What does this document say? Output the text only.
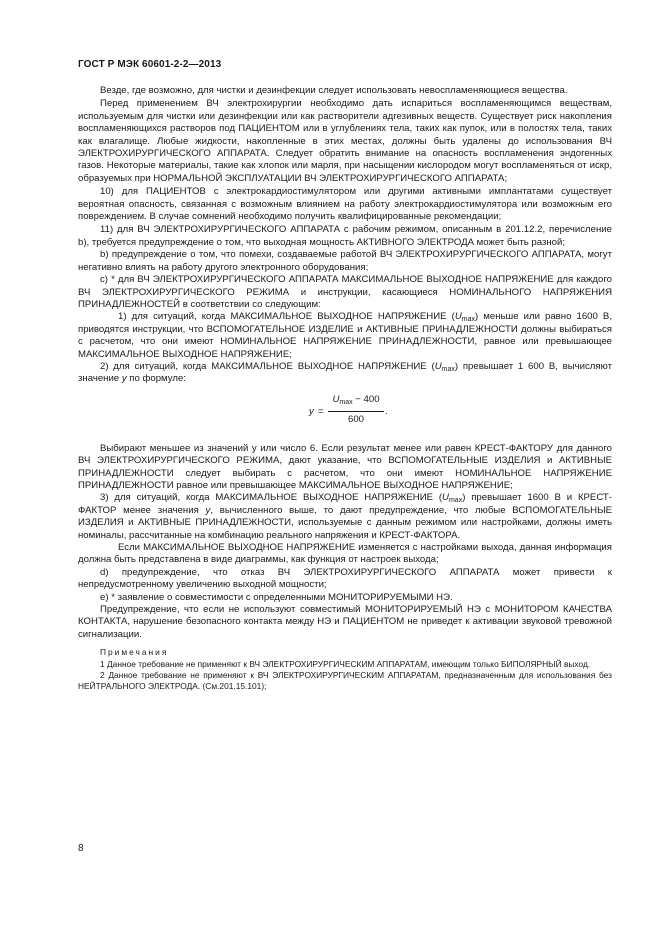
ГОСТ Р МЭК 60601-2-2—2013

Везде, где возможно, для чистки и дезинфекции следует использовать невоспламеняющиеся вещества.

Перед применением ВЧ электрохирургии необходимо дать испариться воспламеняющимся веществам, используемым для чистки или дезинфекции или как растворители адгезивных веществ. Существует риск накопления воспламеняющихся растворов под ПАЦИЕНТОМ или в углублениях тела, таких как пупок, или в полостях тела, таких как влагалище. Любые жидкости, накопленные в этих местах, должны быть удалены до использования ВЧ ЭЛЕКТРОХИРУРГИЧЕСКОГО АППАРАТА. Следует обратить внимание на опасность воспламенения эндогенных газов. Некоторые материалы, такие как хлопок или марля, при насыщении кислородом могут воспламеняться от искр, образуемых при НОРМАЛЬНОЙ ЭКСПЛУАТАЦИИ ВЧ ЭЛЕКТРОХИРУРГИЧЕСКОГО АППАРАТА;

10) для ПАЦИЕНТОВ с электрокардиостимулятором или другими активными имплантатами существует вероятная опасность, связанная с возможным влиянием на работу электрокардиостимулятора или возможным его повреждением. В случае сомнений необходимо получить квалифицированные рекомендации;

11) для ВЧ ЭЛЕКТРОХИРУРГИЧЕСКОГО АППАРАТА с рабочим режимом, описанным в 201.12.2, перечисление b), требуется предупреждение о том, что выходная мощность АКТИВНОГО ЭЛЕКТРОДА может быть разной;

b) предупреждение о том, что помехи, создаваемые работой ВЧ ЭЛЕКТРОХИРУРГИЧЕСКОГО АППАРАТА, могут негативно влиять на работу другого электронного оборудования;

c) * для ВЧ ЭЛЕКТРОХИРУРГИЧЕСКОГО АППАРАТА МАКСИМАЛЬНОЕ ВЫХОДНОЕ НАПРЯЖЕНИЕ для каждого ВЧ ЭЛЕКТРОХИРУРГИЧЕСКОГО РЕЖИМА и инструкции, касающиеся НОМИНАЛЬНОГО НАПРЯЖЕНИЯ ПРИНАДЛЕЖНОСТЕЙ в соответствии со следующим:

1) для ситуаций, когда МАКСИМАЛЬНОЕ ВЫХОДНОЕ НАПРЯЖЕНИЕ $(U_{max})$ меньше или равно 1600 В, приводятся инструкции, что ВСПОМОГАТЕЛЬНОЕ ИЗДЕЛИЕ и АКТИВНЫЕ ПРИНАДЛЕЖНОСТИ должны выбираться с расчетом, что они имеют НОМИНАЛЬНОЕ НАПРЯЖЕНИЕ ПРИНАДЛЕЖНОСТИ, равное или превышающее МАКСИМАЛЬНОЕ ВЫХОДНОЕ НАПРЯЖЕНИЕ;

2) для ситуаций, когда МАКСИМАЛЬНОЕ ВЫХОДНОЕ НАПРЯЖЕНИЕ $(U_{max})$ превышает 1 600 В, вычисляют значение y по формуле:

y =
$U_{max} - 400$
600
.

Выбирают меньшее из значений y или число 6. Если результат менее или равен КРЕСТ-ФАКТОРУ для данного ВЧ ЭЛЕКТРОХИРУРГИЧЕСКОГО РЕЖИМА, дают указание, что ВСПОМОГАТЕЛЬНЫЕ ИЗДЕЛИЯ и АКТИВНЫЕ ПРИНАДЛЕЖНОСТИ следует выбирать с расчетом, что они имеют НОМИНАЛЬНОЕ НАПРЯЖЕНИЕ ПРИНАДЛЕЖНОСТИ равное или превышающее МАКСИМАЛЬНОЕ ВЫХОДНОЕ НАПРЯЖЕНИЕ;

3) для ситуаций, когда МАКСИМАЛЬНОЕ ВЫХОДНОЕ НАПРЯЖЕНИЕ $(U_{max})$ превышает 1600 В и КРЕСТ-ФАКТОР менее значения y, вычисленного выше, то дают предупреждение, что любые ВСПОМОГАТЕЛЬНЫЕ ИЗДЕЛИЯ и АКТИВНЫЕ ПРИНАДЛЕЖНОСТИ, используемые с данным режимом или настройками, должны иметь номиналы, рассчитанные на комбинацию реального напряжения и КРЕСТ-ФАКТОРА.

Если МАКСИМАЛЬНОЕ ВЫХОДНОЕ НАПРЯЖЕНИЕ изменяется с настройками выхода, данная информация должна быть представлена в виде диаграммы, как функция от настроек выхода;

d) предупреждение, что отказ ВЧ ЭЛЕКТРОХИРУРГИЧЕСКОГО АППАРАТА может привести к непредусмотренному увеличению выходной мощности;

e) * заявление о совместимости с определенными МОНИТОРИРУЕМЫМИ НЭ.

Предупреждение, что если не используют совместимый МОНИТОРИРУЕМЫЙ НЭ с МОНИТОРОМ КАЧЕСТВА КОНТАКТА, нарушение безопасного контакта между НЭ и ПАЦИЕНТОМ не приведет к активации звуковой тревожной сигнализации.

Примечания

1 Данное требование не применяют к ВЧ ЭЛЕКТРОХИРУРГИЧЕСКИМ АППАРАТАМ, имеющим только БИПОЛЯРНЫЙ выход.

2 Данное требование не применяют к ВЧ ЭЛЕКТРОХИРУРГИЧЕСКИМ АППАРАТАМ, предназначенным для использования без НЕЙТРАЛЬНОГО ЭЛЕКТРОДА. (См.201.15.101);

8
